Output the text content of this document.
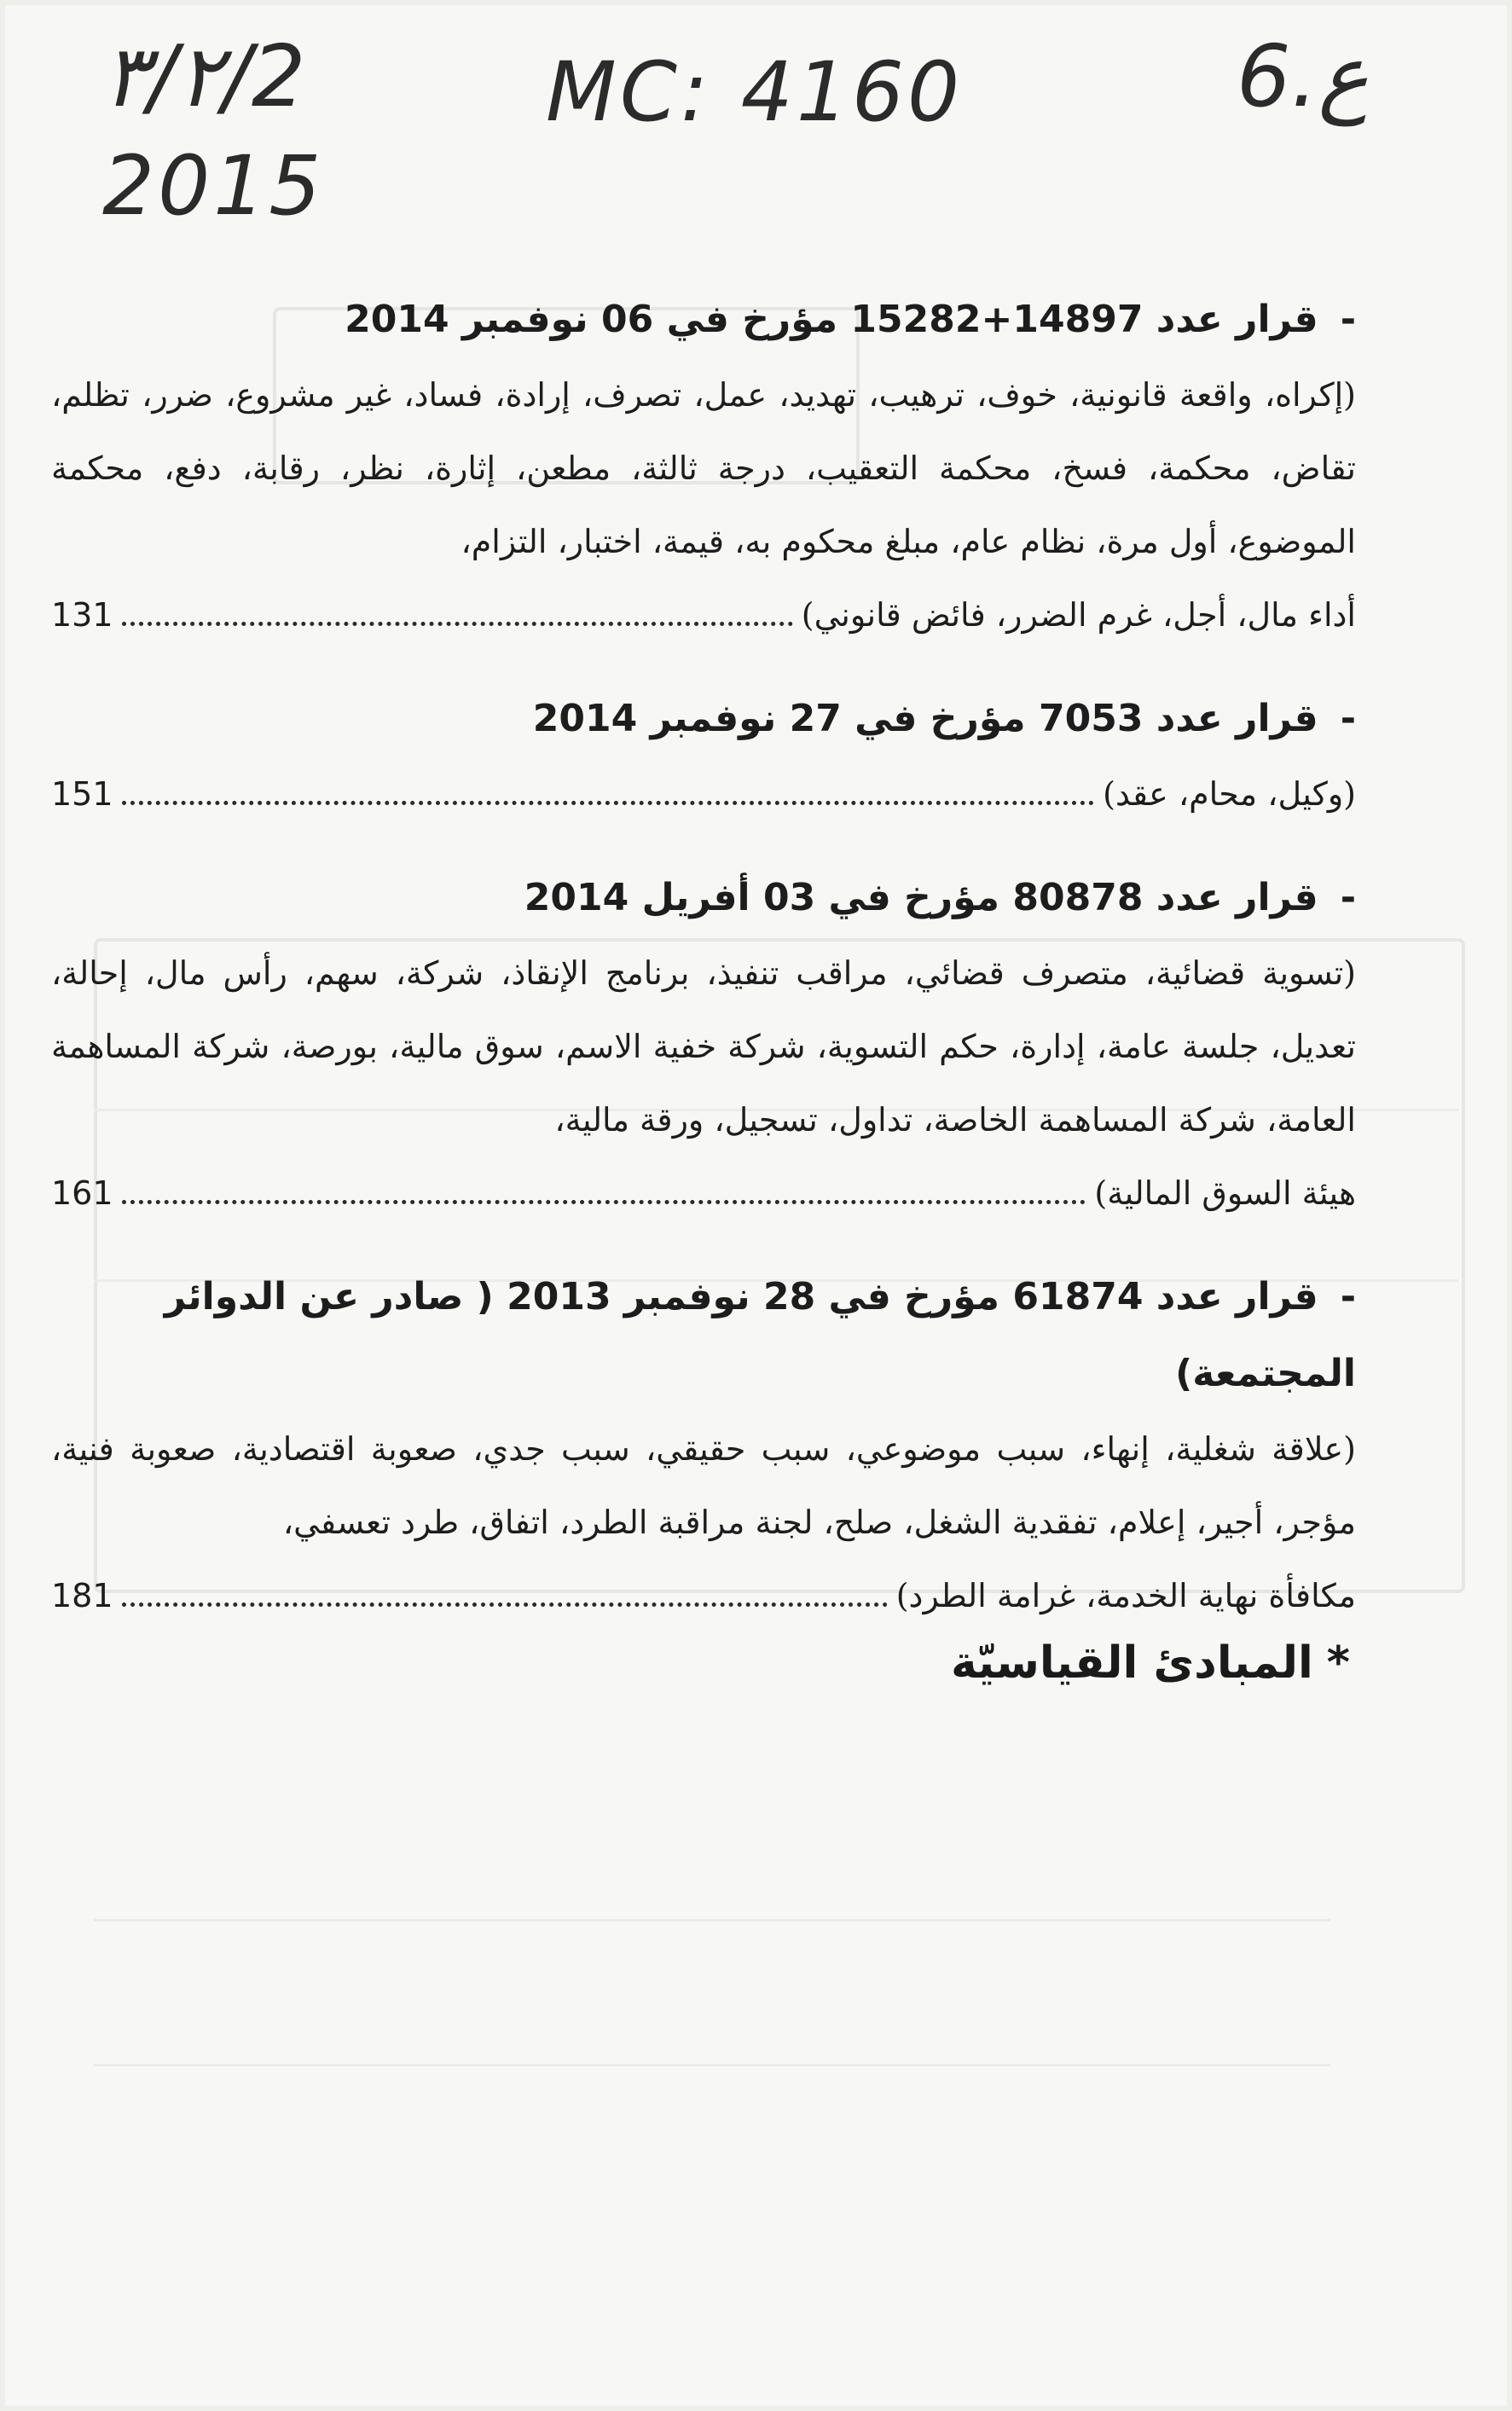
٣/٢/2
2015
MC: 4160	6.ع
-قرار عدد 14897+15282 مؤرخ في 06 نوفمبر 2014
(إكراه، واقعة قانونية، خوف، ترهيب، تهديد، عمل، تصرف، إرادة، فساد، غير مشروع، ضرر، تظلم، تقاض، محكمة، فسخ، محكمة التعقيب، درجة ثالثة، مطعن، إثارة، نظر، رقابة، دفع، محكمة الموضوع، أول مرة، نظام عام، مبلغ محكوم به، قيمة، اختبار، التزام،
أداء مال، أجل، غرم الضرر، فائض قانوني)
131
-قرار عدد 7053 مؤرخ في 27 نوفمبر 2014
(وكيل، محام، عقد)
151
-قرار عدد 80878 مؤرخ في 03 أفريل 2014
(تسوية قضائية، متصرف قضائي، مراقب تنفيذ، برنامج الإنقاذ، شركة، سهم، رأس مال، إحالة، تعديل، جلسة عامة، إدارة، حكم التسوية، شركة خفية الاسم، سوق مالية، بورصة، شركة المساهمة العامة، شركة المساهمة الخاصة، تداول، تسجيل، ورقة مالية،
هيئة السوق المالية)
161
-قرار عدد 61874 مؤرخ في 28 نوفمبر 2013 ( صادر عن الدوائر المجتمعة)
(علاقة شغلية، إنهاء، سبب موضوعي، سبب حقيقي، سبب جدي، صعوبة اقتصادية، صعوبة فنية، مؤجر، أجير، إعلام، تفقدية الشغل، صلح، لجنة مراقبة الطرد، اتفاق، طرد تعسفي،
مكافأة نهاية الخدمة، غرامة الطرد)
181
*المبادئ القياسيّة
